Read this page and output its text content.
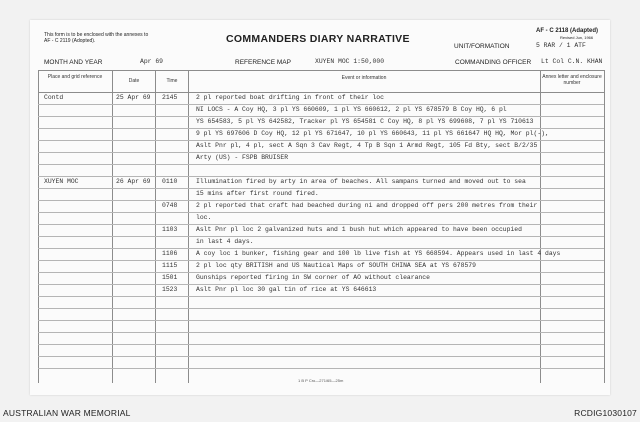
This form is to be enclosed with the annexes to AF - C 2119 (Adopted).	COMMANDERS DIARY NARRATIVE
AF - C 2118 (Adapted)
Revised Jun, 1966
UNIT/FORMATION	5 RAR / 1 ATF
MONTH AND YEAR	Apr 69	REFERENCE MAP	XUYEN MOC 1:50,000	COMMANDING OFFICER Lt Col C.N. KHAN
Place and grid reference
Date	Time	Event or information	Annex letter and enclosure number
Contd	25 Apr 69 2145	2 pl reported boat drifting in front of their loc
NI LOCS - A Coy HQ, 3 pl YS 660609, 1 pl YS 660612, 2 pl YS 678579 B Coy HQ, 6 pl
YS 654583, 5 pl YS 642582, Tracker pl YS 654581 C Coy HQ, 8 pl YS 699608, 7 pl YS 710613
9 pl YS 697606 D Coy HQ, 12 pl YS 671647, 10 pl YS 660643, 11 pl YS 661647 HQ HQ, Mor pl(-),
Aslt Pnr pl, 4 pl, sect A Sqn 3 Cav Regt, 4 Tp B Sqn 1 Armd Regt, 105 Fd Bty, sect B/2/35
Arty (US) - FSPB BRUISER
XUYEN MOC	26 Apr 69 0110	Illumination fired by arty in area of beaches. All sampans turned and moved out to sea
15 mins after first round fired.
0748	2 pl reported that craft had beached during ni and dropped off pers 200 metres from their
loc.
1103	Aslt Pnr pl loc 2 galvanized huts and 1 bush hut which appeared to have been occupied
in last 4 days.
1106	A coy loc 1 bunker, fishing gear and 100 lb live fish at YS 668594. Appears used in last 4 days
1115	2 pl loc qty BRITISH and US Nautical Maps of SOUTH CHINA SEA at YS 678579
1501	Gunships reported firing in SW corner of AO without clearance
1523	Aslt Pnr pl loc 30 gal tin of rice at YS 646613
1 B P Cro—271/65—25m
AUSTRALIAN WAR MEMORIAL	RCDIG1030107
